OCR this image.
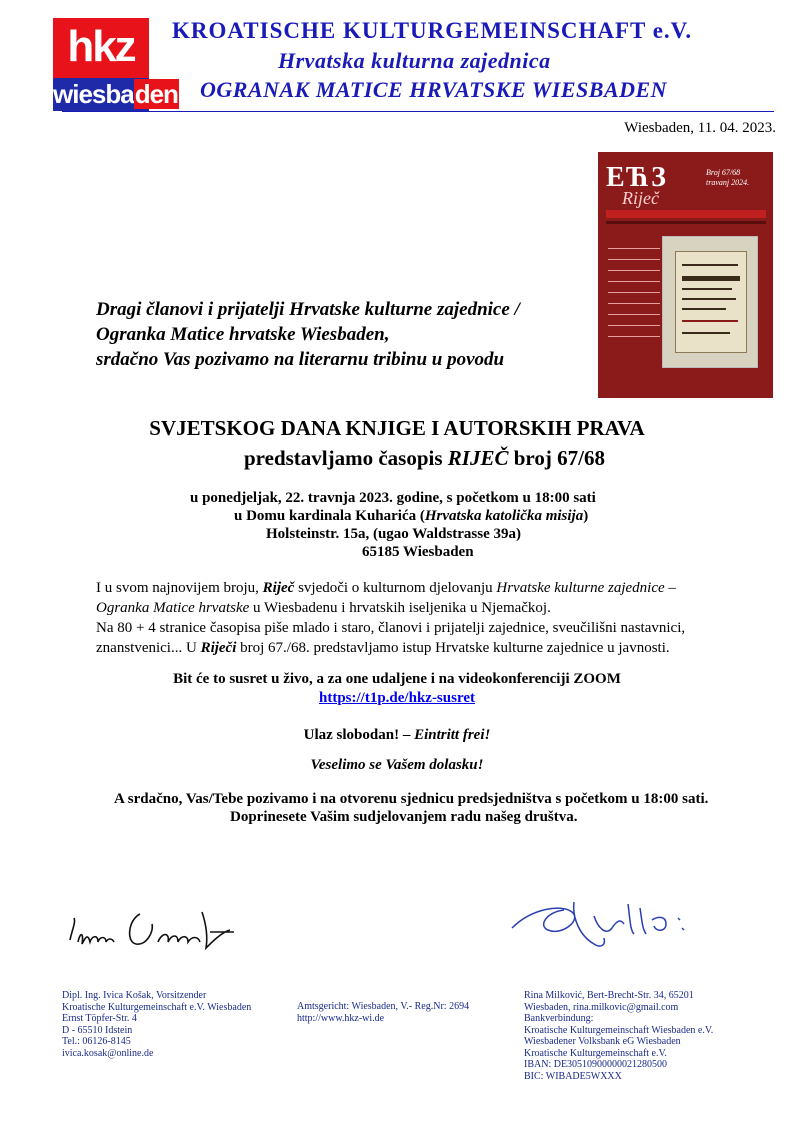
hkz
wiesbaden
KROATISCHE KULTURGEMEINSCHAFT e.V.
Hrvatska kulturna zajednica
OGRANAK MATICE HRVATSKE WIESBADEN
Wiesbaden, 11. 04. 2023.
ЕЋЗ
Riječ
Broj 67/68
travanj 2024.
Dragi članovi i prijatelji Hrvatske kulturne zajednice /
Ogranka Matice hrvatske Wiesbaden,
srdačno Vas pozivamo na literarnu tribinu u povodu
SVJETSKOG DANA KNJIGE I AUTORSKIH PRAVA
predstavljamo časopis RIJEČ broj 67/68
u ponedjeljak, 22. travnja 2023. godine, s početkom u 18:00 sati
u Domu kardinala Kuharića (Hrvatska katolička misija)
Holsteinstr. 15a, (ugao Waldstrasse 39a)
65185 Wiesbaden
I u svom najnovijem broju, Riječ svjedoči o kulturnom djelovanju Hrvatske kulturne zajednice –
Ogranka Matice hrvatske u Wiesbadenu i hrvatskih iseljenika u Njemačkoj.
Na 80 + 4 stranice časopisa piše mlado i staro, članovi i prijatelji zajednice, sveučilišni nastavnici,
znanstvenici... U Riječi broj 67./68. predstavljamo istup Hrvatske kulturne zajednice u javnosti.
Bit će to susret u živo, a za one udaljene i na videokonferenciji ZOOM
https://t1p.de/hkz-susret
Ulaz slobodan! – Eintritt frei!
Veselimo se Vašem dolasku!
A srdačno, Vas/Tebe pozivamo i na otvorenu sjednicu predsjedništva s početkom u 18:00 sati.
Doprinesete Vašim sudjelovanjem radu našeg društva.
Dipl. Ing. Ivica Košak, Vorsitzender
Kroatische Kulturgemeinschaft e.V. Wiesbaden
Ernst Töpfer-Str. 4
D - 65510 Idstein
Tel.: 06126-8145
ivica.kosak@online.de
Amtsgericht: Wiesbaden, V.- Reg.Nr: 2694
http://www.hkz-wi.de
Rina Milković, Bert-Brecht-Str. 34, 65201
Wiesbaden, rina.milkovic@gmail.com
Bankverbindung:
Kroatische Kulturgemeinschaft Wiesbaden e.V.
Wiesbadener Volksbank eG Wiesbaden
Kroatische Kulturgemeinschaft e.V.
IBAN: DE30510900000021280500
BIC: WIBADE5WXXX
